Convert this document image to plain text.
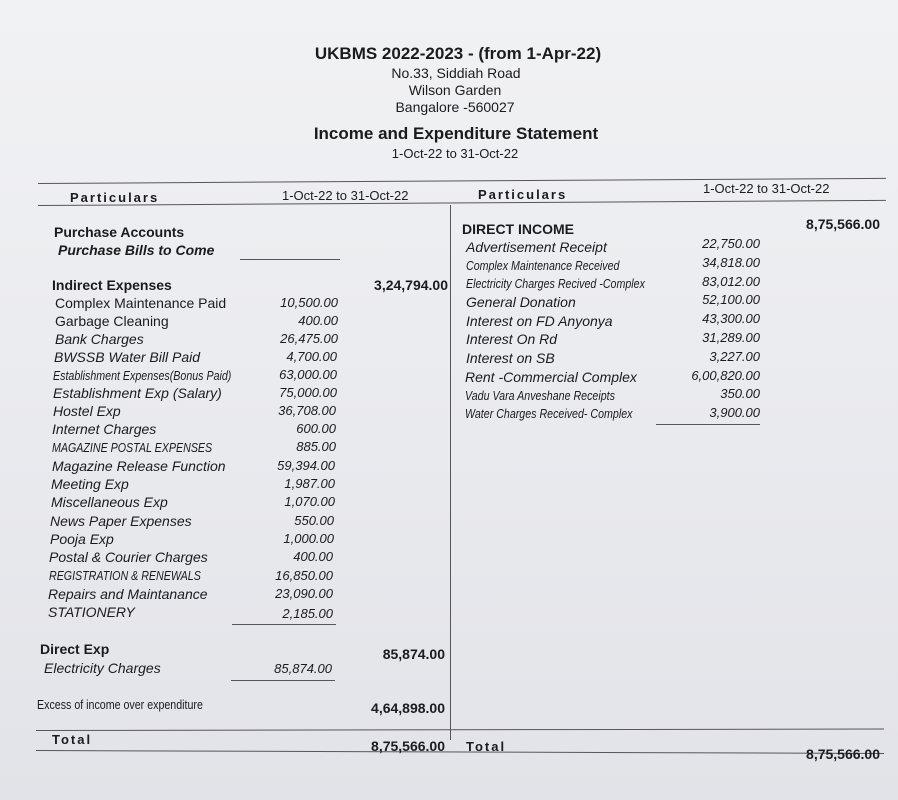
UKBMS 2022-2023 - (from 1-Apr-22)
No.33, Siddiah Road
Wilson Garden
Bangalore -560027
Income and Expenditure Statement
1-Oct-22 to 31-Oct-22
Particulars	1-Oct-22 to 31-Oct-22	Particulars	1-Oct-22 to 31-Oct-22
Purchase Accounts
Purchase Bills to Come
Indirect Expenses	3,24,794.00
Complex Maintenance Paid	10,500.00
Garbage Cleaning	400.00
Bank Charges	26,475.00
BWSSB Water Bill Paid	4,700.00
Establishment Expenses(Bonus Paid)	63,000.00
Establishment Exp (Salary)	75,000.00
Hostel Exp	36,708.00
Internet Charges	600.00
MAGAZINE POSTAL EXPENSES	885.00
Magazine Release Function	59,394.00
Meeting Exp	1,987.00
Miscellaneous Exp	1,070.00
News Paper Expenses	550.00
Pooja Exp	1,000.00
Postal & Courier Charges	400.00
REGISTRATION & RENEWALS	16,850.00
Repairs and Maintanance	23,090.00
STATIONERY	2,185.00
Direct Exp	85,874.00
Electricity Charges	85,874.00
Excess of income over expenditure	4,64,898.00
Total	8,75,566.00 Total	8,75,566.00
DIRECT INCOME	8,75,566.00
Advertisement Receipt	22,750.00
Complex Maintenance Received	34,818.00
Electricity Charges Recived -Complex	83,012.00
General Donation	52,100.00
Interest on FD Anyonya	43,300.00
Interest On Rd	31,289.00
Interest on SB	3,227.00
Rent -Commercial Complex	6,00,820.00
Vadu Vara Anveshane Receipts	350.00
Water Charges Received- Complex	3,900.00
